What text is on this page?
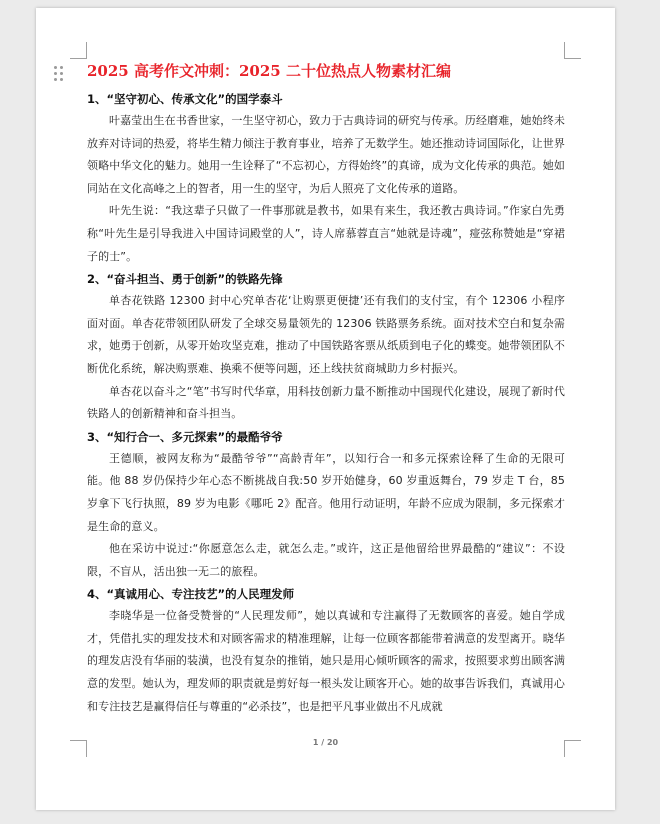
2025 高考作文冲刺：2025 二十位热点人物素材汇编
1、“坚守初心、传承文化”的国学泰斗

叶嘉莹出生在书香世家，一生坚守初心，致力于古典诗词的研究与传承。历经磨难，她始终未放弃对诗词的热爱，将毕生精力倾注于教育事业，培养了无数学生。她还推动诗词国际化，让世界领略中华文化的魅力。她用一生诠释了“不忘初心，方得始终”的真谛，成为文化传承的典范。她如同站在文化高峰之上的智者，用一生的坚守，为后人照亮了文化传承的道路。

叶先生说：“我这辈子只做了一件事那就是教书，如果有来生，我还教古典诗词。”作家白先勇称“叶先生是引导我进入中国诗词殿堂的人”，诗人席慕蓉直言“她就是诗魂”，痖弦称赞她是“穿裙子的士”。

2、“奋斗担当、勇于创新”的铁路先锋

单杏花铁路 12300 封中心究单杏花‘让购票更便捷’还有我们的支付宝，有个 12306 小程序　面对面。单杏花带领团队研发了全球交易量领先的 12306 铁路票务系统。面对技术空白和复杂需求，她勇于创新，从零开始攻坚克难，推动了中国铁路客票从纸质到电子化的蝶变。她带领团队不断优化系统，解决购票难、换乘不便等问题，还上线扶贫商城助力乡村振兴。

单杏花以奋斗之“笔”书写时代华章，用科技创新力量不断推动中国现代化建设，展现了新时代铁路人的创新精神和奋斗担当。

3、“知行合一、多元探索”的最酷爷爷

王德顺，被网友称为“最酷爷爷”“高龄青年”，以知行合一和多元探索诠释了生命的无限可能。他 88 岁仍保持少年心态不断挑战自我:50 岁开始健身，60 岁重返舞台，79 岁走 T 台，85 岁拿下飞行执照，89 岁为电影《哪吒 2》配音。他用行动证明，年龄不应成为限制，多元探索才是生命的意义。

他在采访中说过:“你愿意怎么走，就怎么走。”或许，这正是他留给世界最酷的“建议”：不设限，不盲从，活出独一无二的旅程。

4、“真诚用心、专注技艺”的人民理发师

李晓华是一位备受赞誉的“人民理发师”，她以真诚和专注赢得了无数顾客的喜爱。她自学成才，凭借扎实的理发技术和对顾客需求的精准理解，让每一位顾客都能带着满意的发型离开。晓华的理发店没有华丽的装潢，也没有复杂的推销，她只是用心倾听顾客的需求，按照要求剪出顾客满意的发型。她认为，理发师的职责就是剪好每一根头发让顾客开心。她的故事告诉我们，真诚用心和专注技艺是赢得信任与尊重的“必杀技”，也是把平凡事业做出不凡成就

1 / 20
